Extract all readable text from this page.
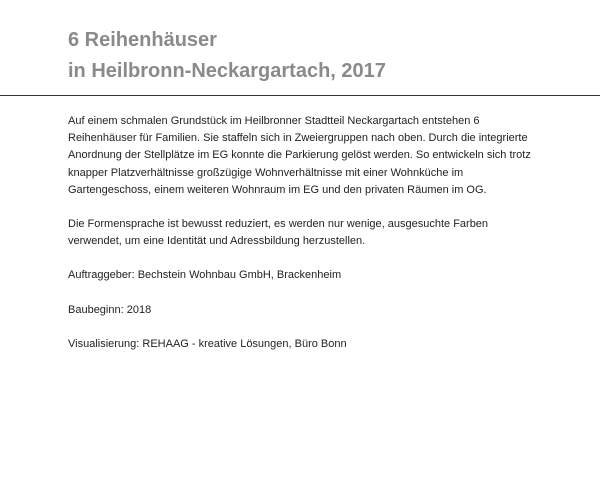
6 Reihenhäuser
in Heilbronn-Neckargartach, 2017

Auf einem schmalen Grundstück im Heilbronner Stadtteil Neckargartach entstehen 6 Reihenhäuser für Familien. Sie staffeln sich in Zweiergruppen nach oben. Durch die integrierte Anordnung der Stellplätze im EG konnte die Parkierung gelöst werden. So entwickeln sich trotz knapper Platzverhältnisse großzügige Wohnverhältnisse mit einer Wohnküche im Gartengeschoss, einem weiteren Wohnraum im EG und den privaten Räumen im OG.

Die Formensprache ist bewusst reduziert, es werden nur wenige, ausgesuchte Farben verwendet, um eine Identität und Adressbildung herzustellen.

Auftraggeber: Bechstein Wohnbau GmbH, Brackenheim

Baubeginn: 2018

Visualisierung: REHAAG - kreative Lösungen, Büro Bonn
